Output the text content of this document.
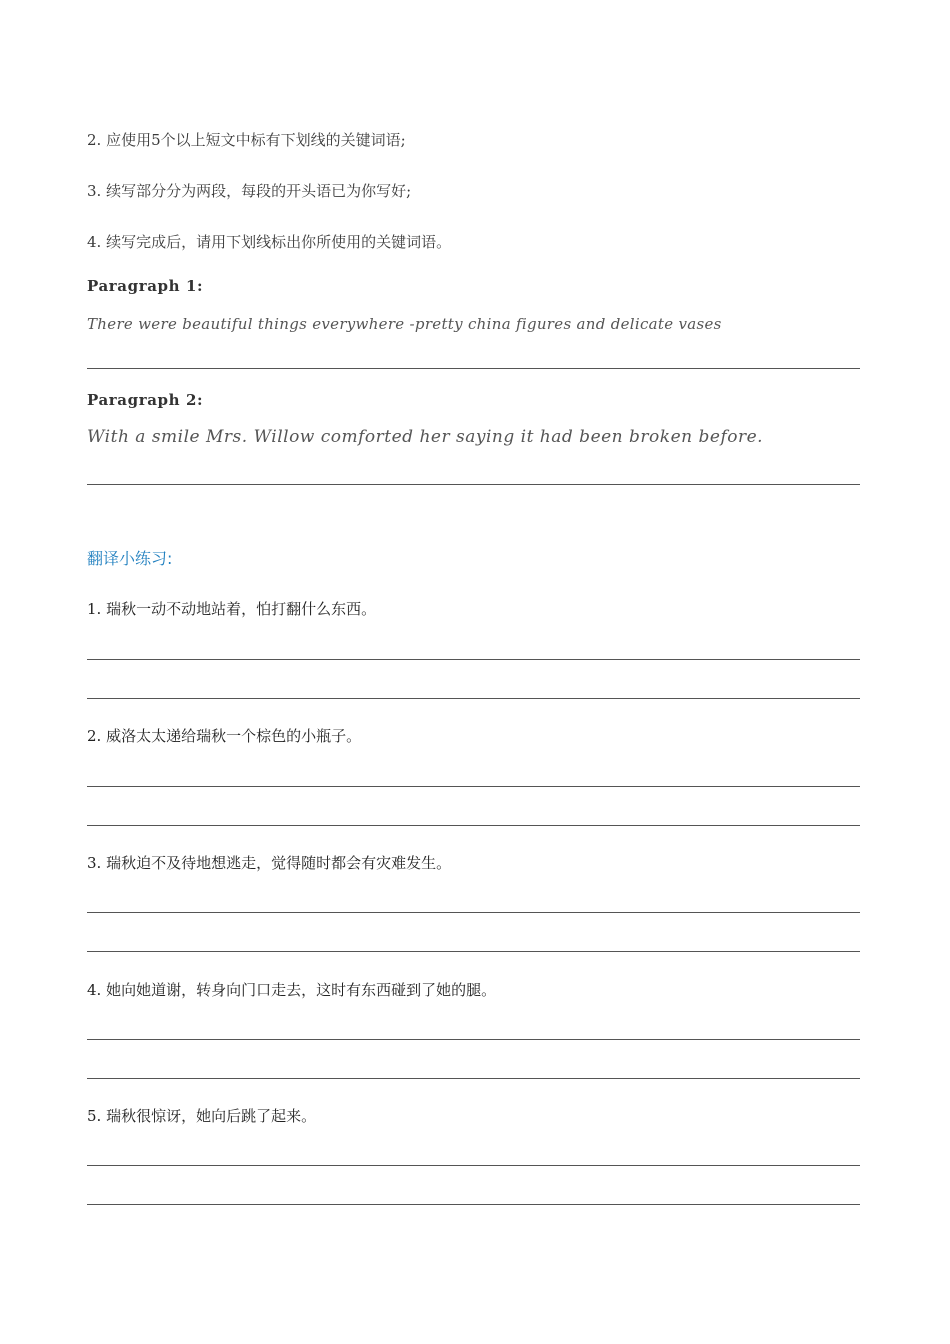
2. 应使用5个以上短文中标有下划线的关键词语;

3. 续写部分分为两段，每段的开头语已为你写好;

4. 续写完成后，请用下划线标出你所使用的关键词语。

Paragraph 1:

There were beautiful things everywhere -pretty china figures and delicate vases

Paragraph 2:

With a smile Mrs. Willow comforted her saying it had been broken before.

翻译小练习:

1. 瑞秋一动不动地站着，怕打翻什么东西。

2. 威洛太太递给瑞秋一个棕色的小瓶子。

3. 瑞秋迫不及待地想逃走，觉得随时都会有灾难发生。

4. 她向她道谢，转身向门口走去，这时有东西碰到了她的腿。

5. 瑞秋很惊讶，她向后跳了起来。
